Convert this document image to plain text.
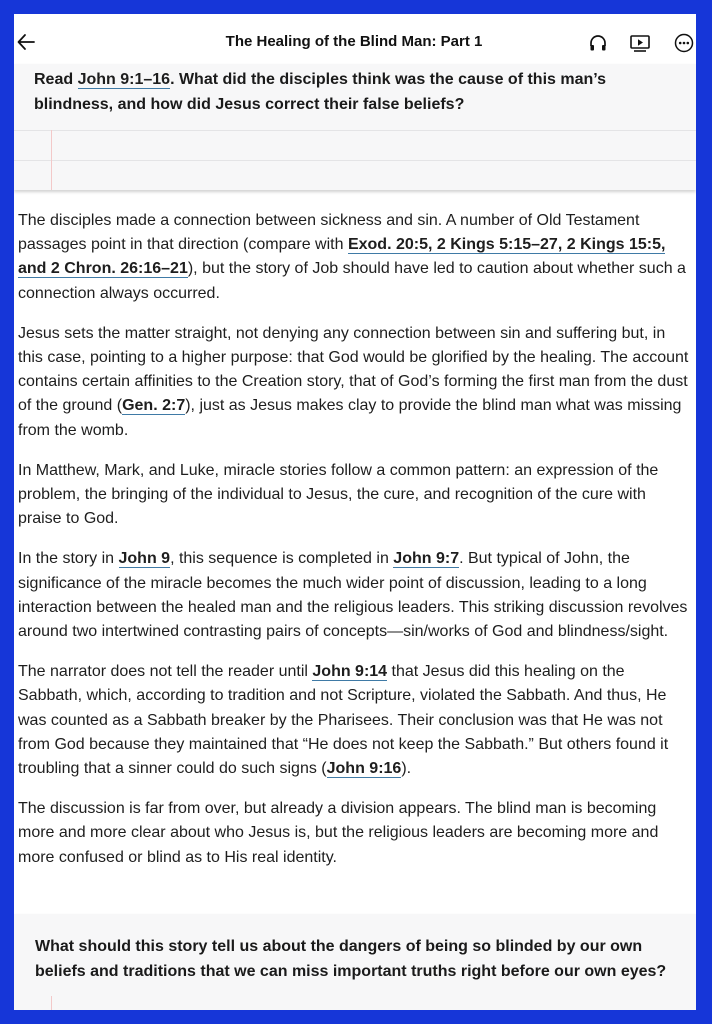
The Healing of the Blind Man: Part 1
Read John 9:1–16. What did the disciples think was the cause of this man’s blindness, and how did Jesus correct their false beliefs?

The disciples made a connection between sickness and sin. A number of Old Testament passages point in that direction (compare with Exod. 20:5, 2 Kings 5:15–27, 2 Kings 15:5, and 2 Chron. 26:16–21), but the story of Job should have led to caution about whether such a connection always occurred.

Jesus sets the matter straight, not denying any connection between sin and suffering but, in this case, pointing to a higher purpose: that God would be glorified by the healing. The account contains certain affinities to the Creation story, that of God’s forming the first man from the dust of the ground (Gen. 2:7), just as Jesus makes clay to provide the blind man what was missing from the womb.

In Matthew, Mark, and Luke, miracle stories follow a common pattern: an expression of the problem, the bringing of the individual to Jesus, the cure, and recognition of the cure with praise to God.

In the story in John 9, this sequence is completed in John 9:7. But typical of John, the significance of the miracle becomes the much wider point of discussion, leading to a long interaction between the healed man and the religious leaders. This striking discussion revolves around two intertwined contrasting pairs of concepts—sin/works of God and blindness/sight.

The narrator does not tell the reader until John 9:14 that Jesus did this healing on the Sabbath, which, according to tradition and not Scripture, violated the Sabbath. And thus, He was counted as a Sabbath breaker by the Pharisees. Their conclusion was that He was not from God because they maintained that “He does not keep the Sabbath.” But others found it troubling that a sinner could do such signs (John 9:16).

The discussion is far from over, but already a division appears. The blind man is becoming more and more clear about who Jesus is, but the religious leaders are becoming more and more confused or blind as to His real identity.

What should this story tell us about the dangers of being so blinded by our own beliefs and traditions that we can miss important truths right before our own eyes?
